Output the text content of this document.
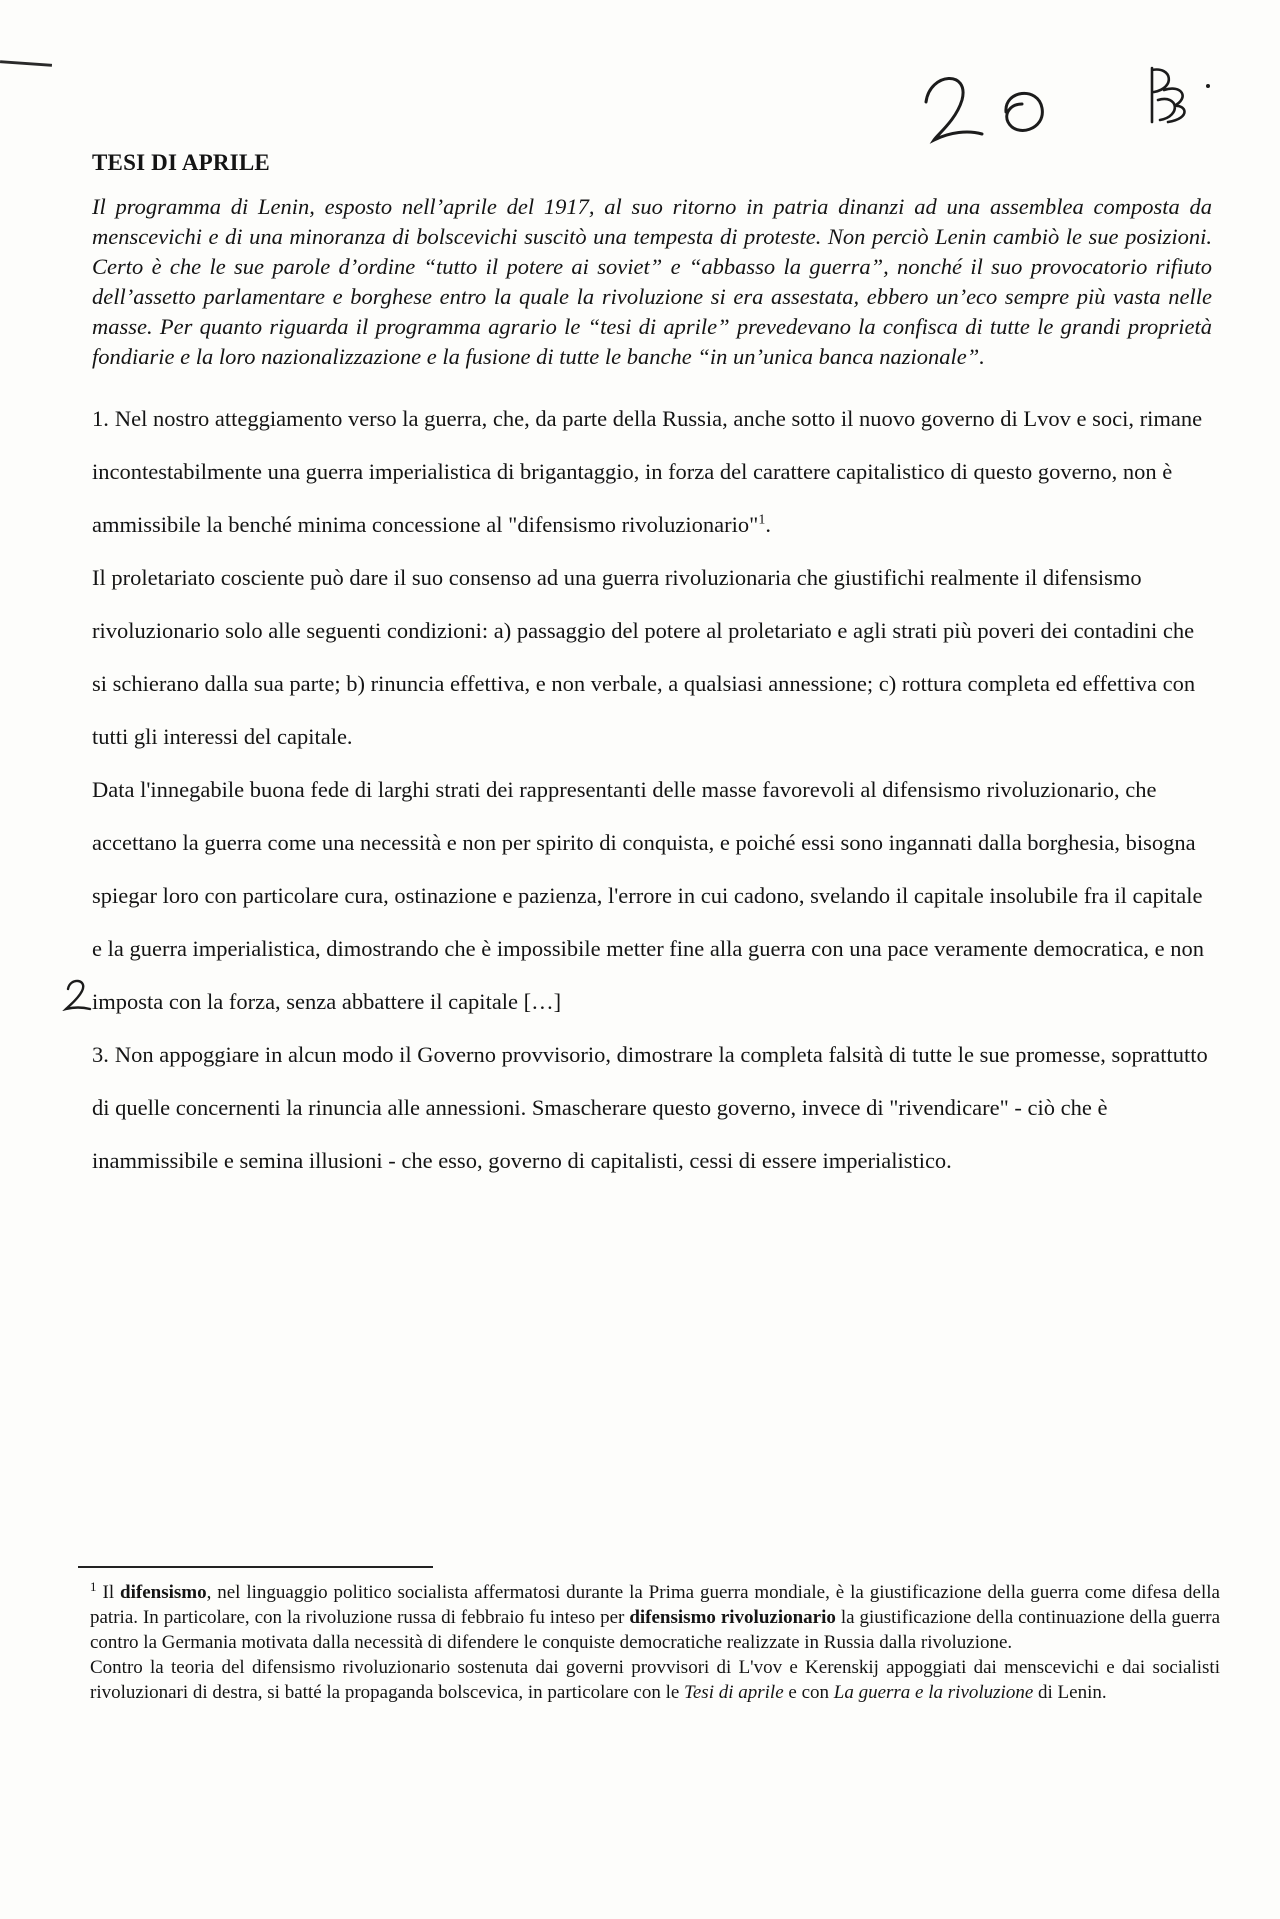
TESI DI APRILE

Il programma di Lenin, esposto nell’aprile del 1917, al suo ritorno in patria dinanzi ad una assemblea composta da menscevichi e di una minoranza di bolscevichi suscitò una tempesta di proteste. Non perciò Lenin cambiò le sue posizioni. Certo è che le sue parole d’ordine “tutto il potere ai soviet” e “abbasso la guerra”, nonché il suo provocatorio rifiuto dell’assetto parlamentare e borghese entro la quale la rivoluzione si era assestata, ebbero un’eco sempre più vasta nelle masse. Per quanto riguarda il programma agrario le “tesi di aprile” prevedevano la confisca di tutte le grandi proprietà fondiarie e la loro nazionalizzazione e la fusione di tutte le banche “in un’unica banca nazionale”.

1. Nel nostro atteggiamento verso la guerra, che, da parte della Russia, anche sotto il nuovo governo di Lvov e soci, rimane incontestabilmente una guerra imperialistica di brigantaggio, in forza del carattere capitalistico di questo governo, non è ammissibile la benché minima concessione al "difensismo rivoluzionario"$^1$.

Il proletariato cosciente può dare il suo consenso ad una guerra rivoluzionaria che giustifichi realmente il difensismo rivoluzionario solo alle seguenti condizioni: a) passaggio del potere al proletariato e agli strati più poveri dei contadini che si schierano dalla sua parte; b) rinuncia effettiva, e non verbale, a qualsiasi annessione; c) rottura completa ed effettiva con tutti gli interessi del capitale.

Data l'innegabile buona fede di larghi strati dei rappresentanti delle masse favorevoli al difensismo rivoluzionario, che accettano la guerra come una necessità e non per spirito di conquista, e poiché essi sono ingannati dalla borghesia, bisogna spiegar loro con particolare cura, ostinazione e pazienza, l'errore in cui cadono, svelando il capitale insolubile fra il capitale e la guerra imperialistica, dimostrando che è impossibile metter fine alla guerra con una pace veramente democratica, e non imposta con la forza, senza abbattere il capitale […]

3. Non appoggiare in alcun modo il Governo provvisorio, dimostrare la completa falsità di tutte le sue promesse, soprattutto di quelle concernenti la rinuncia alle annessioni. Smascherare questo governo, invece di "rivendicare" - ciò che è inammissibile e semina illusioni - che esso, governo di capitalisti, cessi di essere imperialistico.

$^1$ Il difensismo, nel linguaggio politico socialista affermatosi durante la Prima guerra mondiale, è la giustificazione della guerra come difesa della patria. In particolare, con la rivoluzione russa di febbraio fu inteso per difensismo rivoluzionario la giustificazione della continuazione della guerra contro la Germania motivata dalla necessità di difendere le conquiste democratiche realizzate in Russia dalla rivoluzione.

Contro la teoria del difensismo rivoluzionario sostenuta dai governi provvisori di L'vov e Kerenskij appoggiati dai menscevichi e dai socialisti rivoluzionari di destra, si batté la propaganda bolscevica, in particolare con le Tesi di aprile e con La guerra e la rivoluzione di Lenin.
